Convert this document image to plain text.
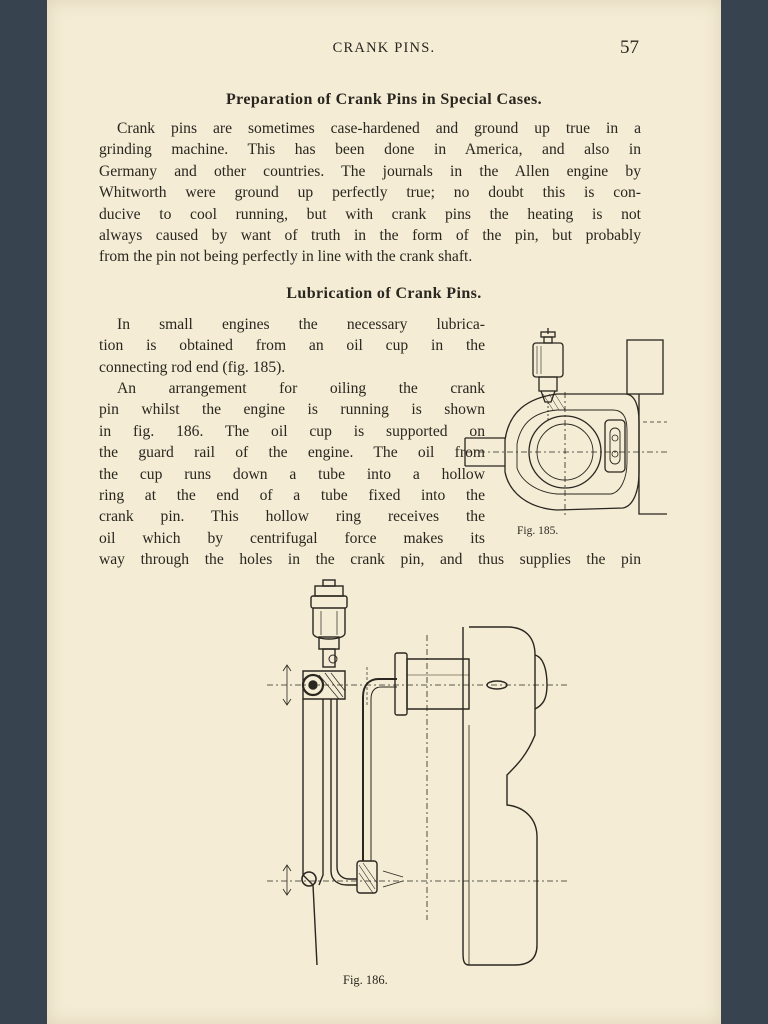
CRANK PINS.	57
Preparation of Crank Pins in Special Cases.

Crank pins are sometimes case-hardened and ground up true in a
grinding machine. This has been done in America, and also in
Germany and other countries. The journals in the Allen engine by
Whitworth were ground up perfectly true; no doubt this is con-
ducive to cool running, but with crank pins the heating is not
always caused by want of truth in the form of the pin, but probably
from the pin not being perfectly in line with the crank shaft.

Lubrication of Crank Pins.

In small engines the necessary lubrica-
tion is obtained from an oil cup in the
connecting rod end (fig. 185).

An arrangement for oiling the crank
pin whilst the engine is running is shown
in fig. 186. The oil cup is supported on
the guard rail of the engine. The oil from
the cup runs down a tube into a hollow
ring at the end of a tube fixed into the
crank pin. This hollow ring receives the
oil which by centrifugal force makes its
way through the holes in the crank pin, and thus supplies the pin

Fig. 185.
Fig. 186.
